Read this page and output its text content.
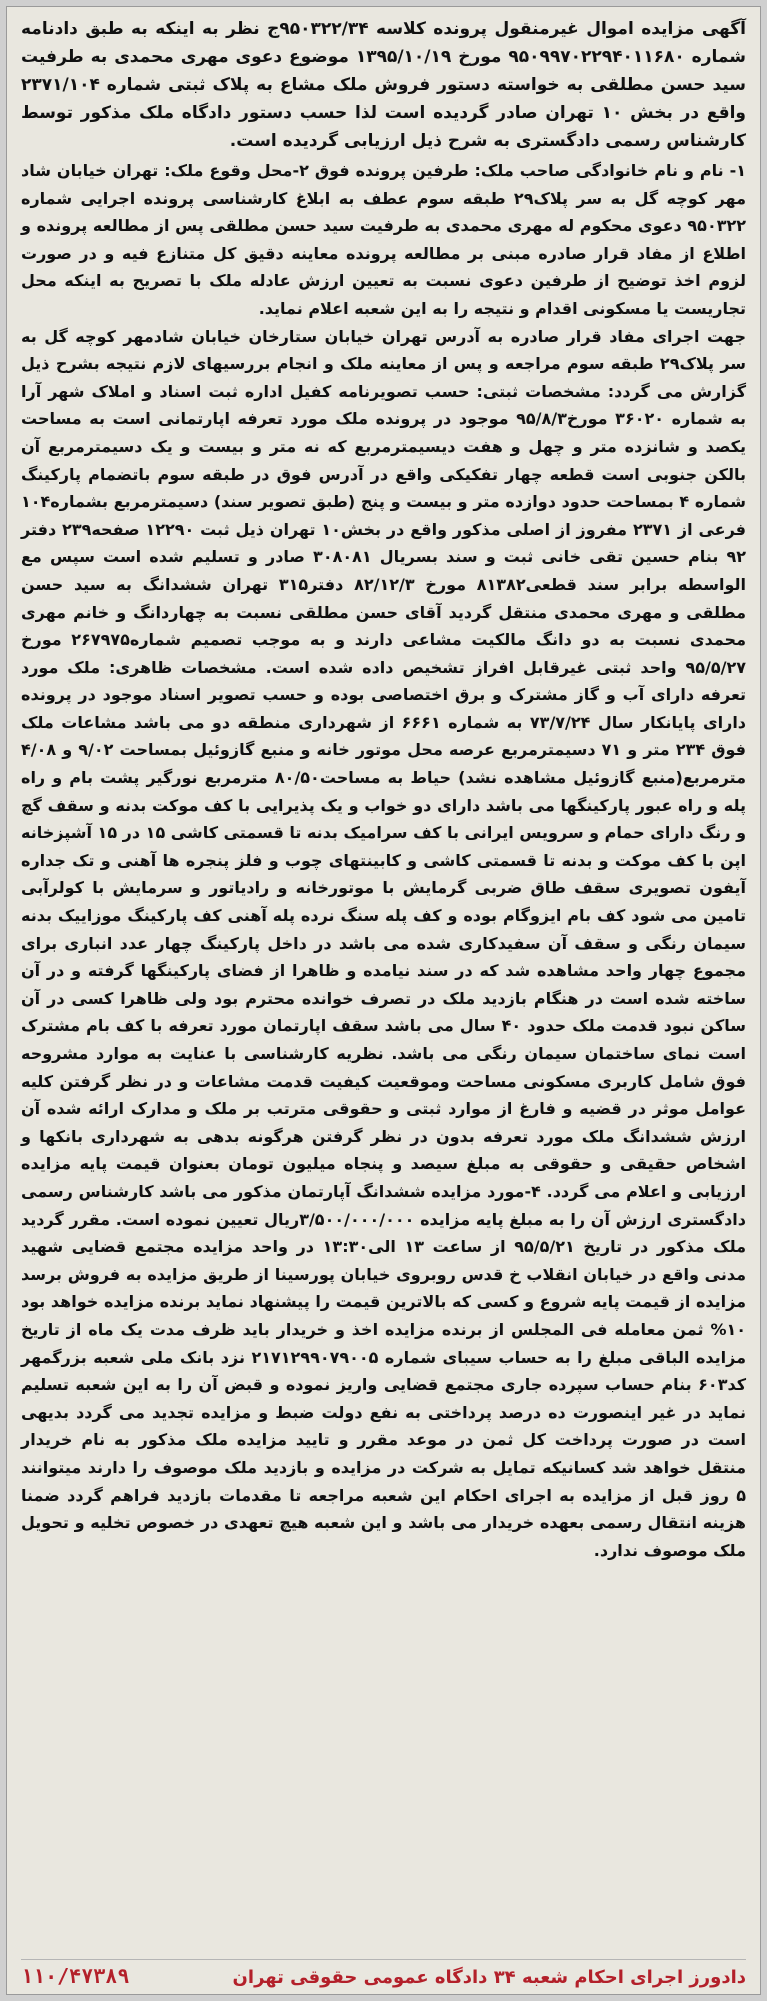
آگهی مزایده اموال غیرمنقول پرونده کلاسه ۹۵۰۳۲۲/۳۴ج نظر به اینکه به طبق دادنامه شماره ۹۵۰۹۹۷۰۲۲۹۴۰۱۱۶۸۰ مورخ ۱۳۹۵/۱۰/۱۹ موضوع دعوی مهری محمدی به طرفیت سید حسن مطلقی به خواسته دستور فروش ملک مشاع به پلاک ثبتی شماره ۲۳۷۱/۱۰۴ واقع در بخش ۱۰ تهران صادر گردیده است لذا حسب دستور دادگاه ملک مذکور توسط کارشناس رسمی دادگستری به شرح ذیل ارزیابی گردیده است.

۱- نام و نام خانوادگی صاحب ملک: طرفین پرونده فوق ۲-محل وقوع ملک: تهران خیابان شاد مهر کوچه گل به سر پلاک۲۹ طبقه سوم عطف به ابلاغ کارشناسی پرونده اجرایی شماره ۹۵۰۳۲۲ دعوی محکوم له مهری محمدی به طرفیت سید حسن مطلقی پس از مطالعه پرونده و اطلاع از مفاد قرار صادره مبنی بر مطالعه پرونده معاینه دقیق کل متنازع فیه و در صورت لزوم اخذ توضیح از طرفین دعوی نسبت به تعیین ارزش عادله ملک با تصریح به اینکه محل تجاریست یا مسکونی اقدام و نتیجه را به این شعبه اعلام نماید.

جهت اجرای مفاد قرار صادره به آدرس تهران خیابان ستارخان خیابان شادمهر کوچه گل به سر پلاک۲۹ طبقه سوم مراجعه و پس از معاینه ملک و انجام بررسیهای لازم نتیجه بشرح ذیل گزارش می گردد: مشخصات ثبتی: حسب تصویرنامه کفیل اداره ثبت اسناد و املاک شهر آرا به شماره ۳۶۰۲۰ مورخ۹۵/۸/۳ موجود در پرونده ملک مورد تعرفه اپارتمانی است به مساحت یکصد و شانزده متر و چهل و هفت دیسیمترمربع که نه متر و بیست و یک دسیمترمربع آن بالکن جنوبی است قطعه چهار تفکیکی واقع در آدرس فوق در طبقه سوم باتضمام پارکینگ شماره ۴ بمساحت حدود دوازده متر و بیست و پنج (طبق تصویر سند) دسیمترمربع بشماره۱۰۴ فرعی از ۲۳۷۱ مفروز از اصلی مذکور واقع در بخش۱۰ تهران ذیل ثبت ۱۲۲۹۰ صفحه۲۳۹ دفتر ۹۲ بنام حسین تقی خانی ثبت و سند بسریال ۳۰۸۰۸۱ صادر و تسلیم شده است سپس مع الواسطه برابر سند قطعی۸۱۳۸۲ مورخ ۸۲/۱۲/۳ دفتر۳۱۵ تهران ششدانگ به سید حسن مطلقی و مهری محمدی منتقل گردید آقای حسن مطلقی نسبت به چهاردانگ و خانم مهری محمدی نسبت به دو دانگ مالکیت مشاعی دارند و به موجب تصمیم شماره۲۶۷۹۷۵ مورخ ۹۵/۵/۲۷ واحد ثبتی غیرقابل افراز تشخیص داده شده است. مشخصات ظاهری: ملک مورد تعرفه دارای آب و گاز مشترک و برق اختصاصی بوده و حسب تصویر اسناد موجود در پرونده دارای پایانکار سال ۷۳/۷/۲۴ به شماره ۶۶۶۱ از شهرداری منطقه دو می باشد مشاعات ملک فوق ۲۳۴ متر و ۷۱ دسیمترمربع عرصه محل موتور خانه و منبع گازوئیل بمساحت ۹/۰۲ و ۴/۰۸ مترمربع(منبع گازوئیل مشاهده نشد) حیاط به مساحت۸۰/۵۰ مترمربع نورگیر پشت بام و راه پله و راه عبور پارکینگها می باشد دارای دو خواب و یک پذیرایی با کف موکت بدنه و سقف گچ و رنگ دارای حمام و سرویس ایرانی با کف سرامیک بدنه تا قسمتی کاشی ۱۵ در ۱۵ آشپزخانه اپن با کف موکت و بدنه تا قسمتی کاشی و کابینتهای چوب و فلز پنجره ها آهنی و تک جداره آیفون تصویری سقف طاق ضربی گرمایش با موتورخانه و رادیاتور و سرمایش با کولرآبی تامین می شود کف بام ایزوگام بوده و کف پله سنگ نرده پله آهنی کف پارکینگ موزاییک بدنه سیمان رنگی و سقف آن سفیدکاری شده می باشد در داخل پارکینگ چهار عدد انباری برای مجموع چهار واحد مشاهده شد که در سند نیامده و ظاهرا از فضای پارکینگها گرفته و در آن ساخته شده است در هنگام بازدید ملک در تصرف خوانده محترم بود ولی ظاهرا کسی در آن ساکن نبود قدمت ملک حدود ۴۰ سال می باشد سقف اپارتمان مورد تعرفه با کف بام مشترک است نمای ساختمان سیمان رنگی می باشد. نظریه کارشناسی با عنایت به موارد مشروحه فوق شامل کاربری مسکونی مساحت وموقعیت کیفیت قدمت مشاعات و در نظر گرفتن کلیه عوامل موثر در قضیه و فارغ از موارد ثبتی و حقوقی مترتب بر ملک و مدارک ارائه شده آن ارزش ششدانگ ملک مورد تعرفه بدون در نظر گرفتن هرگونه بدهی به شهرداری بانکها و اشخاص حقیقی و حقوقی به مبلغ سیصد و پنجاه میلیون تومان بعنوان قیمت پایه مزایده ارزیابی و اعلام می گردد. ۴-مورد مزایده ششدانگ آپارتمان مذکور می باشد کارشناس رسمی دادگستری ارزش آن را به مبلغ پایه مزایده ۳/۵۰۰/۰۰۰/۰۰۰ریال تعیین نموده است. مقرر گردید ملک مذکور در تاریخ ۹۵/۵/۲۱ از ساعت ۱۳ الی۱۳:۳۰ در واحد مزایده مجتمع قضایی شهید مدنی واقع در خیابان انقلاب خ قدس روبروی خیابان پورسینا از طریق مزایده به فروش برسد مزایده از قیمت پایه شروع و کسی که بالاترین قیمت را پیشنهاد نماید برنده مزایده خواهد بود ۱۰% ثمن معامله فی المجلس از برنده مزایده اخذ و خریدار باید ظرف مدت یک ماه از تاریخ مزایده الباقی مبلغ را به حساب سیبای شماره ۲۱۷۱۲۹۹۰۷۹۰۰۵ نزد بانک ملی شعبه بزرگمهر کد۶۰۳ بنام حساب سپرده جاری مجتمع قضایی واریز نموده و قبض آن را به این شعبه تسلیم نماید در غیر اینصورت ده درصد پرداختی به نفع دولت ضبط و مزایده تجدید می گردد بدیهی است در صورت پرداخت کل ثمن در موعد مقرر و تایید مزایده ملک مذکور به نام خریدار منتقل خواهد شد کسانیکه تمایل به شرکت در مزایده و بازدید ملک موصوف را دارند میتوانند ۵ روز قبل از مزایده به اجرای احکام این شعبه مراجعه تا مقدمات بازدید فراهم گردد ضمنا هزینه انتقال رسمی بعهده خریدار می باشد و این شعبه هیچ تعهدی در خصوص تخلیه و تحویل ملک موصوف ندارد.

دادورز اجرای احکام شعبه ۳۴ دادگاه عمومی حقوقی تهران
۱۱۰/۴۷۳۸۹
